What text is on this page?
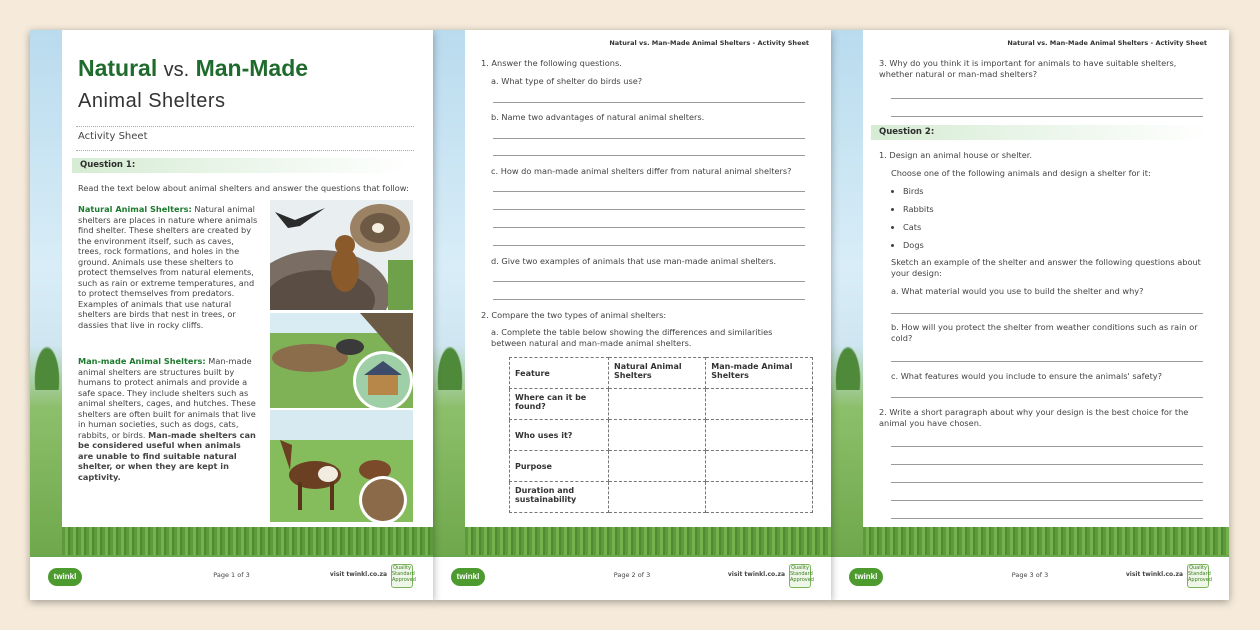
Natural vs. Man-Made
Animal Shelters
Activity Sheet
Question 1:
Read the text below about animal shelters and answer the questions that follow:
Natural Animal Shelters: Natural animal shelters are places in nature where animals find shelter. These shelters are created by the environment itself, such as caves, trees, rock formations, and holes in the ground. Animals use these shelters to protect themselves from natural elements, such as rain or extreme temperatures, and to protect themselves from predators. Examples of animals that use natural shelters are birds that nest in trees, or dassies that live in rocky cliffs.
Man-made Animal Shelters: Man-made animal shelters are structures built by humans to protect animals and provide a safe space. They include shelters such as animal shelters, cages, and hutches. These shelters are often built for animals that live in human societies, such as dogs, cats, rabbits, or birds. Man-made shelters can be considered useful when animals are unable to find suitable natural shelter, or when they are kept in captivity.
twinkl	Page 1 of 3	visit twinkl.co.za
Quality Standard Approved
Natural vs. Man-Made Animal Shelters - Activity Sheet
1. Answer the following questions.
a. What type of shelter do birds use?
b. Name two advantages of natural animal shelters.
c. How do man-made animal shelters differ from natural animal shelters?
d. Give two examples of animals that use man-made animal shelters.
2. Compare the two types of animal shelters:
a. Complete the table below showing the differences and similarities between natural and man-made animal shelters.
Feature	Natural Animal Shelters	Man-made Animal Shelters
Where can it be found?		
Who uses it?		
Purpose		
Duration and sustainability		
twinkl	Page 2 of 3	visit twinkl.co.za
Quality Standard Approved
Natural vs. Man-Made Animal Shelters - Activity Sheet
3. Why do you think it is important for animals to have suitable shelters, whether natural or man-mad shelters?
Question 2:
1. Design an animal house or shelter.
Choose one of the following animals and design a shelter for it:
• Birds
• Rabbits
• Cats
• Dogs
Sketch an example of the shelter and answer the following questions about your design:
a. What material would you use to build the shelter and why?
b. How will you protect the shelter from weather conditions such as rain or cold?
c. What features would you include to ensure the animals' safety?
2. Write a short paragraph about why your design is the best choice for the animal you have chosen.
twinkl	Page 3 of 3	visit twinkl.co.za
Quality Standard Approved
